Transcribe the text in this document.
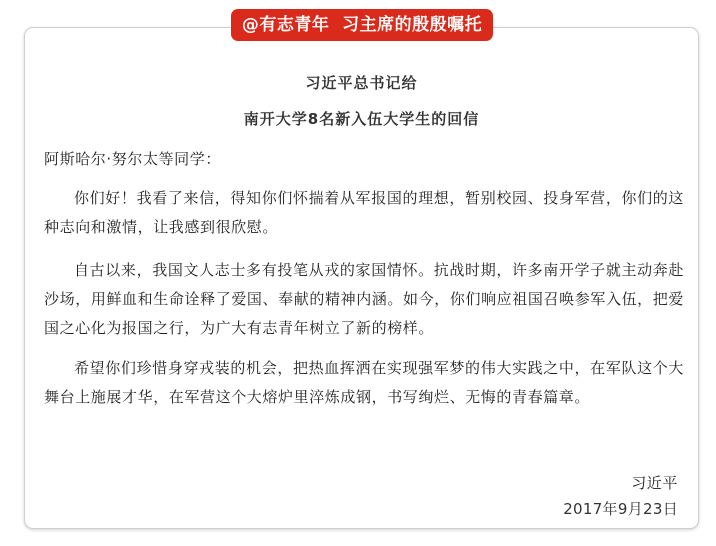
@有志青年  习主席的殷殷嘱托
习近平总书记给
南开大学8名新入伍大学生的回信
阿斯哈尔·努尔太等同学：
你们好！我看了来信，得知你们怀揣着从军报国的理想，暂别校园、投身军营，你们的这种志向和激情，让我感到很欣慰。
自古以来，我国文人志士多有投笔从戎的家国情怀。抗战时期，许多南开学子就主动奔赴沙场，用鲜血和生命诠释了爱国、奉献的精神内涵。如今，你们响应祖国召唤参军入伍，把爱国之心化为报国之行，为广大有志青年树立了新的榜样。
希望你们珍惜身穿戎装的机会，把热血挥洒在实现强军梦的伟大实践之中，在军队这个大舞台上施展才华，在军营这个大熔炉里淬炼成钢，书写绚烂、无悔的青春篇章。
习近平
2017年9月23日
